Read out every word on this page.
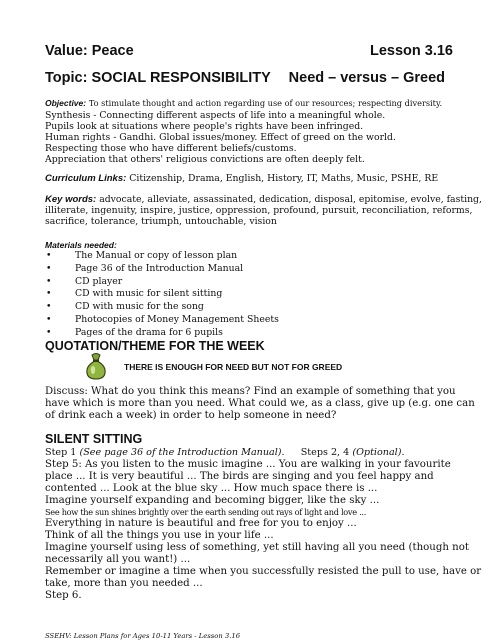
Value: Peace	Lesson 3.16
Topic: SOCIAL RESPONSIBILITY Need – versus – Greed
Objective: To stimulate thought and action regarding use of our resources; respecting diversity.
Synthesis - Connecting different aspects of life into a meaningful whole.
Pupils look at situations where people's rights have been infringed.
Human rights - Gandhi. Global issues/money. Effect of greed on the world.
Respecting those who have different beliefs/customs.
Appreciation that others' religious convictions are often deeply felt.
Curriculum Links: Citizenship, Drama, English, History, IT, Maths, Music, PSHE, RE
Key words: advocate, alleviate, assassinated, dedication, disposal, epitomise, evolve, fasting,
illiterate, ingenuity, inspire, justice, oppression, profound, pursuit, reconciliation, reforms,
sacrifice, tolerance, triumph, untouchable, vision
Materials needed:
• The Manual or copy of lesson plan
• Page 36 of the Introduction Manual
• CD player
• CD with music for silent sitting
• CD with music for the song
• Photocopies of Money Management Sheets
• Pages of the drama for 6 pupils
QUOTATION/THEME FOR THE WEEK
THERE IS ENOUGH FOR NEED BUT NOT FOR GREED
Discuss: What do you think this means? Find an example of something that you
have which is more than you need. What could we, as a class, give up (e.g. one can
of drink each a week) in order to help someone in need?
SILENT SITTING
Step 1 (See page 36 of the Introduction Manual). Steps 2, 4 (Optional).
Step 5: As you listen to the music imagine ... You are walking in your favourite
place ... It is very beautiful ... The birds are singing and you feel happy and
contented ... Look at the blue sky ... How much space there is ...
Imagine yourself expanding and becoming bigger, like the sky ...
See how the sun shines brightly over the earth sending out rays of light and love ...
Everything in nature is beautiful and free for you to enjoy ...
Think of all the things you use in your life ...
Imagine yourself using less of something, yet still having all you need (though not
necessarily all you want!) ...
Remember or imagine a time when you successfully resisted the pull to use, have or
take, more than you needed ...
Step 6.
SSEHV: Lesson Plans for Ages 10-11 Years - Lesson 3.16
